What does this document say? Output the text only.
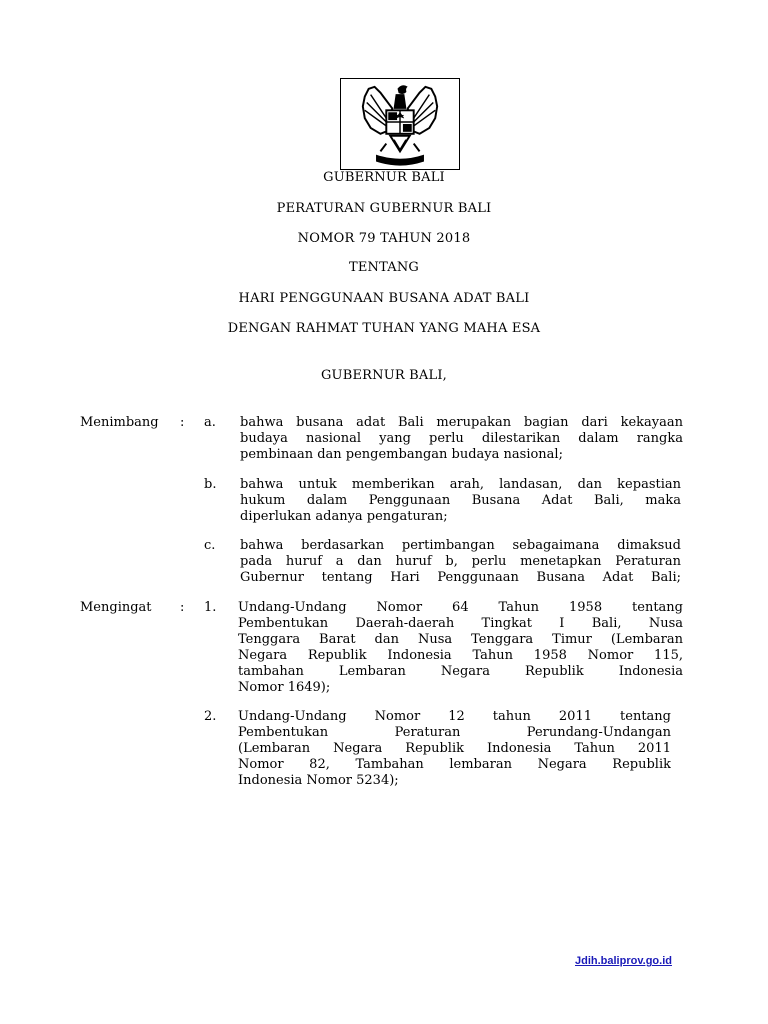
GUBERNUR BALI
PERATURAN GUBERNUR BALI
NOMOR 79 TAHUN 2018
TENTANG
HARI PENGGUNAAN BUSANA ADAT BALI
DENGAN RAHMAT TUHAN YANG MAHA ESA
GUBERNUR BALI,
Menimbang : a. bahwa busana adat Bali merupakan bagian dari kekayaan
budaya nasional yang perlu dilestarikan dalam rangka
pembinaan dan pengembangan budaya nasional;
b. bahwa untuk memberikan arah, landasan, dan kepastian
hukum dalam Penggunaan Busana Adat Bali, maka
diperlukan adanya pengaturan;
c. bahwa berdasarkan pertimbangan sebagaimana dimaksud
pada huruf a dan huruf b, perlu menetapkan Peraturan
Gubernur tentang Hari Penggunaan Busana Adat Bali;
Mengingat : 1. Undang-Undang Nomor 64 Tahun 1958 tentang
Pembentukan Daerah-daerah Tingkat I Bali, Nusa
Tenggara Barat dan Nusa Tenggara Timur (Lembaran
Negara Republik Indonesia Tahun 1958 Nomor 115,
tambahan Lembaran Negara Republik Indonesia
Nomor 1649);
2. Undang-Undang Nomor 12 tahun 2011 tentang
Pembentukan Peraturan Perundang-Undangan
(Lembaran Negara Republik Indonesia Tahun 2011
Nomor 82, Tambahan lembaran Negara Republik
Indonesia Nomor 5234);
Jdih.baliprov.go.id
